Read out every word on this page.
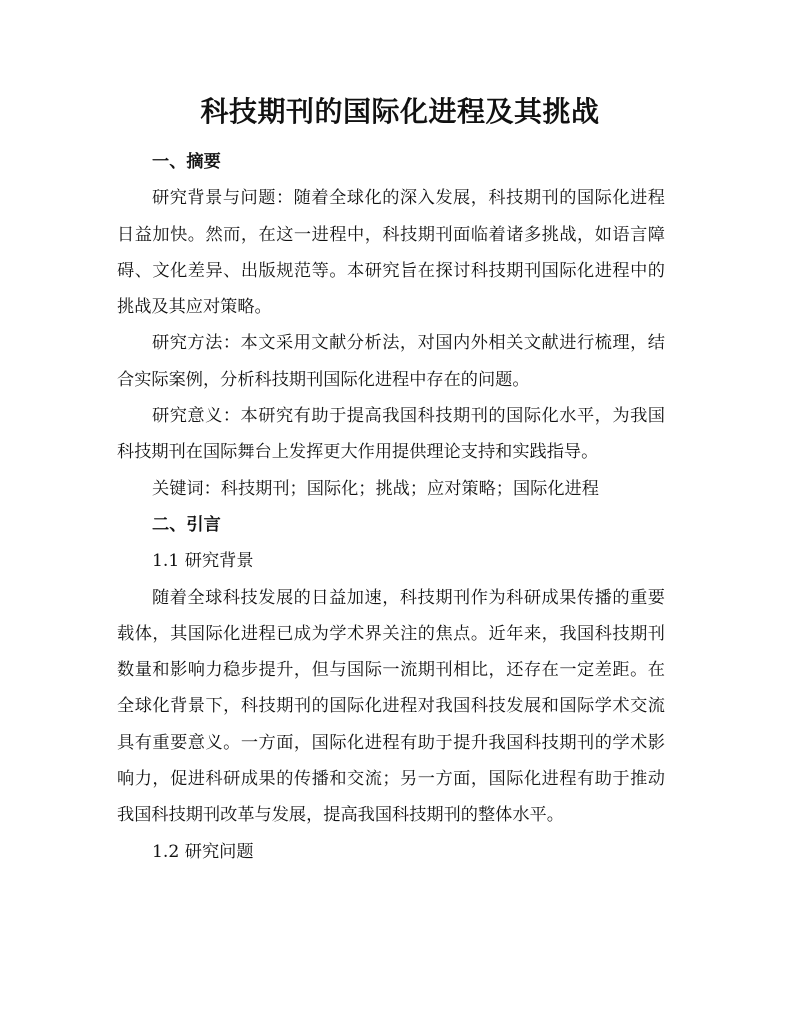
科技期刊的国际化进程及其挑战

一、摘要

研究背景与问题：随着全球化的深入发展，科技期刊的国际化进程日益加快。然而，在这一进程中，科技期刊面临着诸多挑战，如语言障碍、文化差异、出版规范等。本研究旨在探讨科技期刊国际化进程中的挑战及其应对策略。

研究方法：本文采用文献分析法，对国内外相关文献进行梳理，结合实际案例，分析科技期刊国际化进程中存在的问题。

研究意义：本研究有助于提高我国科技期刊的国际化水平，为我国科技期刊在国际舞台上发挥更大作用提供理论支持和实践指导。

关键词：科技期刊；国际化；挑战；应对策略；国际化进程

二、引言

1.1 研究背景

随着全球科技发展的日益加速，科技期刊作为科研成果传播的重要载体，其国际化进程已成为学术界关注的焦点。近年来，我国科技期刊数量和影响力稳步提升，但与国际一流期刊相比，还存在一定差距。在全球化背景下，科技期刊的国际化进程对我国科技发展和国际学术交流具有重要意义。一方面，国际化进程有助于提升我国科技期刊的学术影响力，促进科研成果的传播和交流；另一方面，国际化进程有助于推动我国科技期刊改革与发展，提高我国科技期刊的整体水平。

1.2 研究问题
